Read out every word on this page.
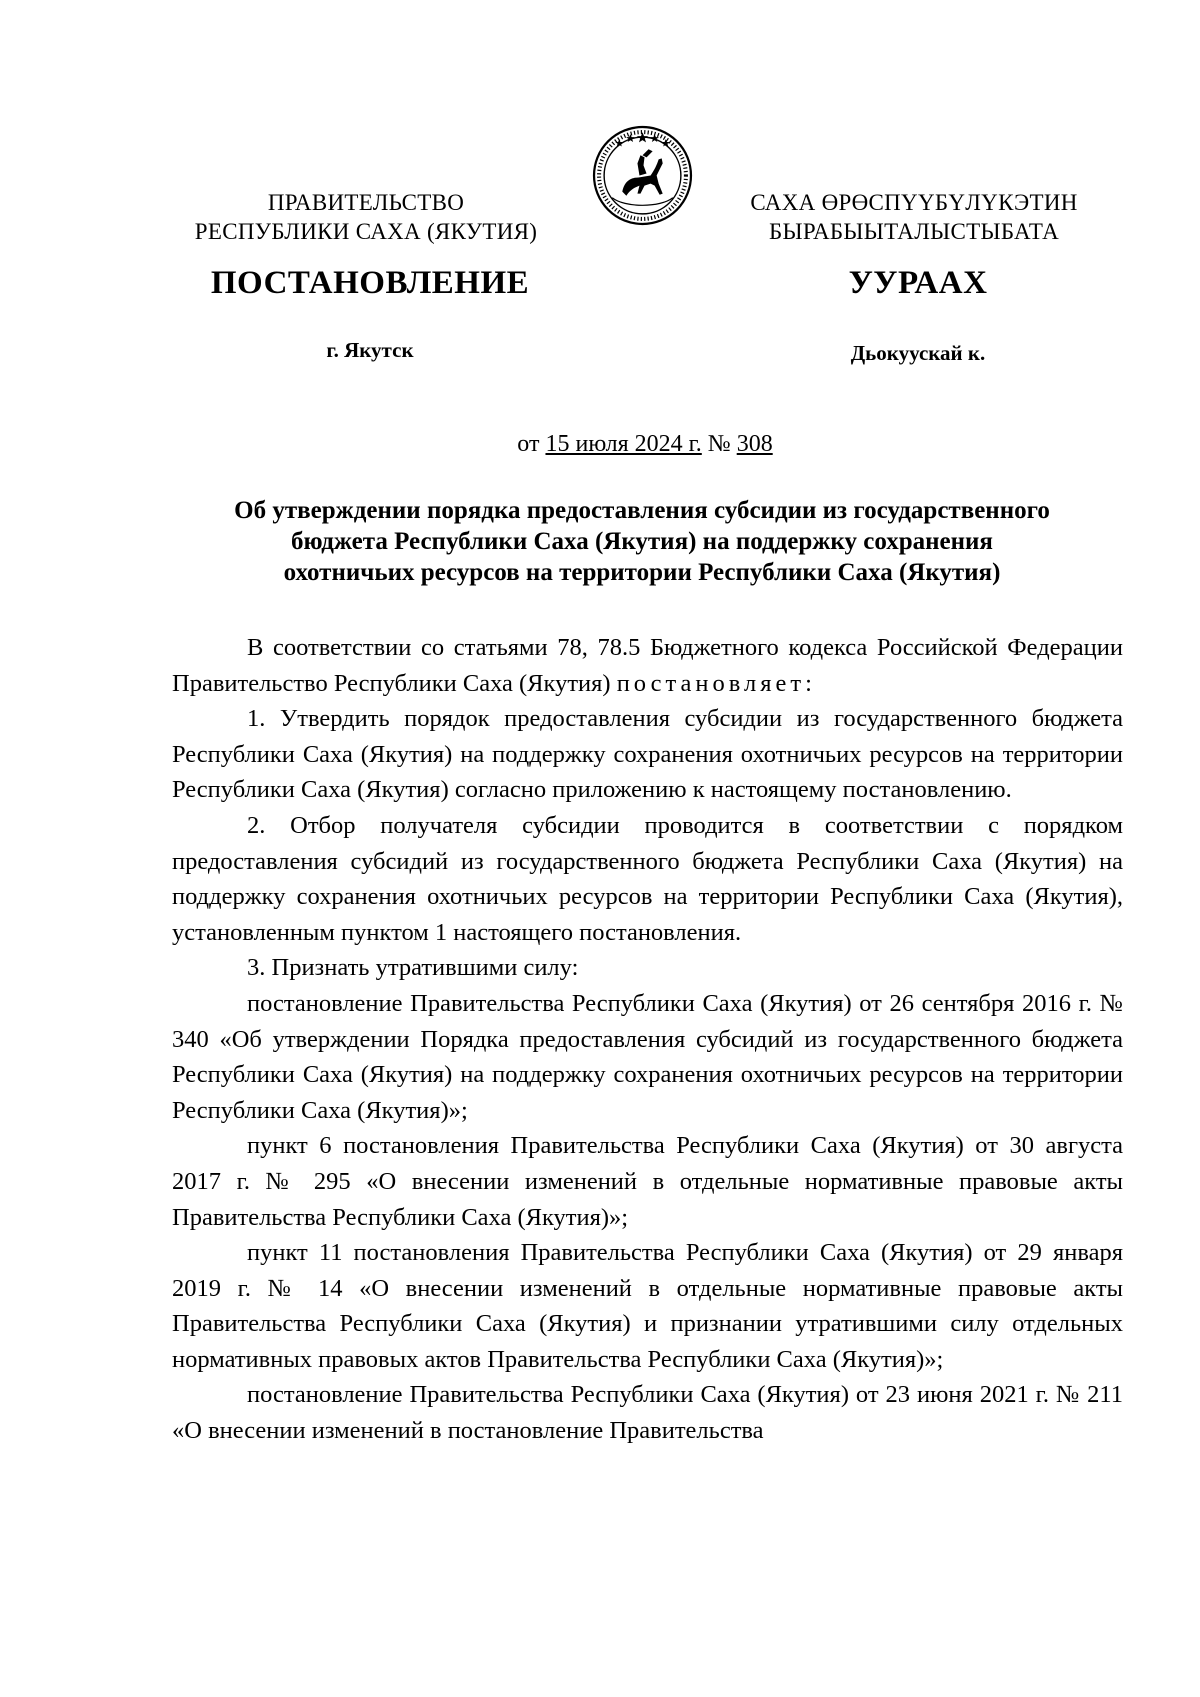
ПРАВИТЕЛЬСТВО
РЕСПУБЛИКИ САХА (ЯКУТИЯ)
САХА ӨРӨСПҮҮБҮЛҮКЭТИН
БЫРАБЫЫТАЛЫСТЫБАТА
ПОСТАНОВЛЕНИЕ	УУРААХ
г. Якутск	Дьокуускай к.
от 15 июля 2024 г. № 308
Об утверждении порядка предоставления субсидии из государственного
бюджета Республики Саха (Якутия) на поддержку сохранения
охотничьих ресурсов на территории Республики Саха (Якутия)

В соответствии со статьями 78, 78.5 Бюджетного кодекса Российской Федерации Правительство Республики Саха (Якутия) постановляет:

1. Утвердить порядок предоставления субсидии из государственного бюджета Республики Саха (Якутия) на поддержку сохранения охотничьих ресурсов на территории Республики Саха (Якутия) согласно приложению к настоящему постановлению.

2. Отбор получателя субсидии проводится в соответствии с порядком предоставления субсидий из государственного бюджета Республики Саха (Якутия) на поддержку сохранения охотничьих ресурсов на территории Республики Саха (Якутия), установленным пунктом 1 настоящего постановления.

3. Признать утратившими силу:

постановление Правительства Республики Саха (Якутия) от 26 сентября 2016 г. № 340 «Об утверждении Порядка предоставления субсидий из государственного бюджета Республики Саха (Якутия) на поддержку сохранения охотничьих ресурсов на территории Республики Саха (Якутия)»;

пункт 6 постановления Правительства Республики Саха (Якутия) от 30 августа 2017 г. № 295 «О внесении изменений в отдельные нормативные правовые акты Правительства Республики Саха (Якутия)»;

пункт 11 постановления Правительства Республики Саха (Якутия) от 29 января 2019 г. № 14 «О внесении изменений в отдельные нормативные правовые акты Правительства Республики Саха (Якутия) и признании утратившими силу отдельных нормативных правовых актов Правительства Республики Саха (Якутия)»;

постановление Правительства Республики Саха (Якутия) от 23 июня 2021 г. № 211 «О внесении изменений в постановление Правительства
